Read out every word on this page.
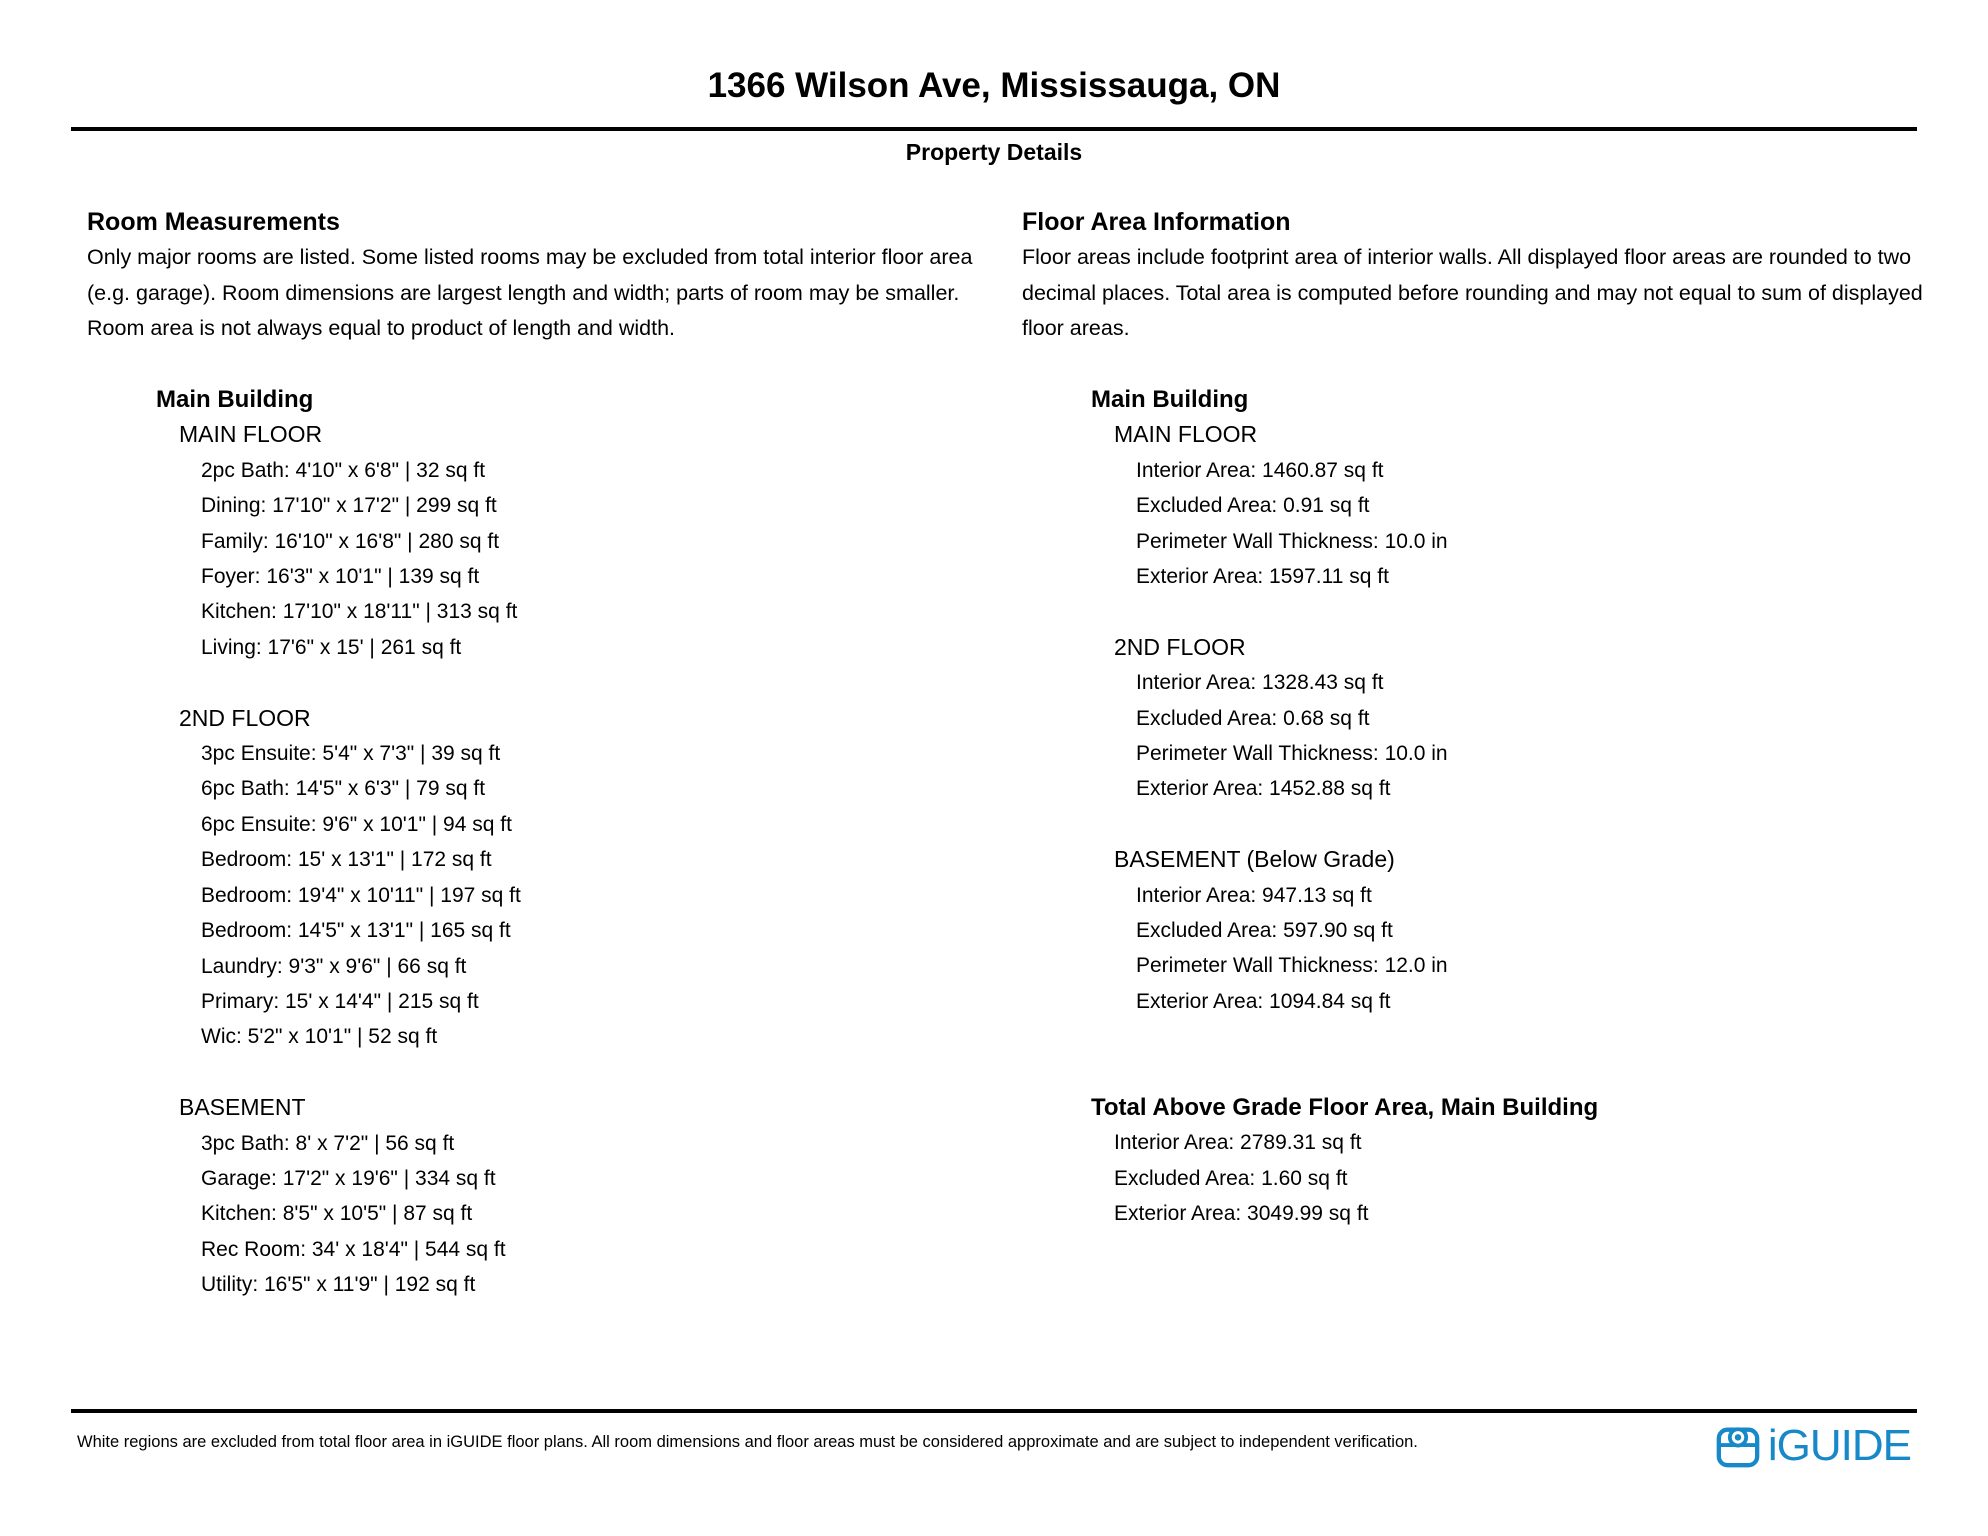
1366 Wilson Ave, Mississauga, ON
Property Details
Room Measurements
Only major rooms are listed. Some listed rooms may be excluded from total interior floor area
(e.g. garage). Room dimensions are largest length and width; parts of room may be smaller.
Room area is not always equal to product of length and width.
Main Building
MAIN FLOOR
2pc Bath: 4'10" x 6'8" | 32 sq ft
Dining: 17'10" x 17'2" | 299 sq ft
Family: 16'10" x 16'8" | 280 sq ft
Foyer: 16'3" x 10'1" | 139 sq ft
Kitchen: 17'10" x 18'11" | 313 sq ft
Living: 17'6" x 15' | 261 sq ft
2ND FLOOR
3pc Ensuite: 5'4" x 7'3" | 39 sq ft
6pc Bath: 14'5" x 6'3" | 79 sq ft
6pc Ensuite: 9'6" x 10'1" | 94 sq ft
Bedroom: 15' x 13'1" | 172 sq ft
Bedroom: 19'4" x 10'11" | 197 sq ft
Bedroom: 14'5" x 13'1" | 165 sq ft
Laundry: 9'3" x 9'6" | 66 sq ft
Primary: 15' x 14'4" | 215 sq ft
Wic: 5'2" x 10'1" | 52 sq ft
BASEMENT
3pc Bath: 8' x 7'2" | 56 sq ft
Garage: 17'2" x 19'6" | 334 sq ft
Kitchen: 8'5" x 10'5" | 87 sq ft
Rec Room: 34' x 18'4" | 544 sq ft
Utility: 16'5" x 11'9" | 192 sq ft
Floor Area Information
Floor areas include footprint area of interior walls. All displayed floor areas are rounded to two
decimal places. Total area is computed before rounding and may not equal to sum of displayed
floor areas.
Main Building
MAIN FLOOR
Interior Area: 1460.87 sq ft
Excluded Area: 0.91 sq ft
Perimeter Wall Thickness: 10.0 in
Exterior Area: 1597.11 sq ft
2ND FLOOR
Interior Area: 1328.43 sq ft
Excluded Area: 0.68 sq ft
Perimeter Wall Thickness: 10.0 in
Exterior Area: 1452.88 sq ft
BASEMENT (Below Grade)
Interior Area: 947.13 sq ft
Excluded Area: 597.90 sq ft
Perimeter Wall Thickness: 12.0 in
Exterior Area: 1094.84 sq ft
Total Above Grade Floor Area, Main Building
Interior Area: 2789.31 sq ft
Excluded Area: 1.60 sq ft
Exterior Area: 3049.99 sq ft
White regions are excluded from total floor area in iGUIDE floor plans. All room dimensions and floor areas must be considered approximate and are subject to independent verification.	iGUIDE
